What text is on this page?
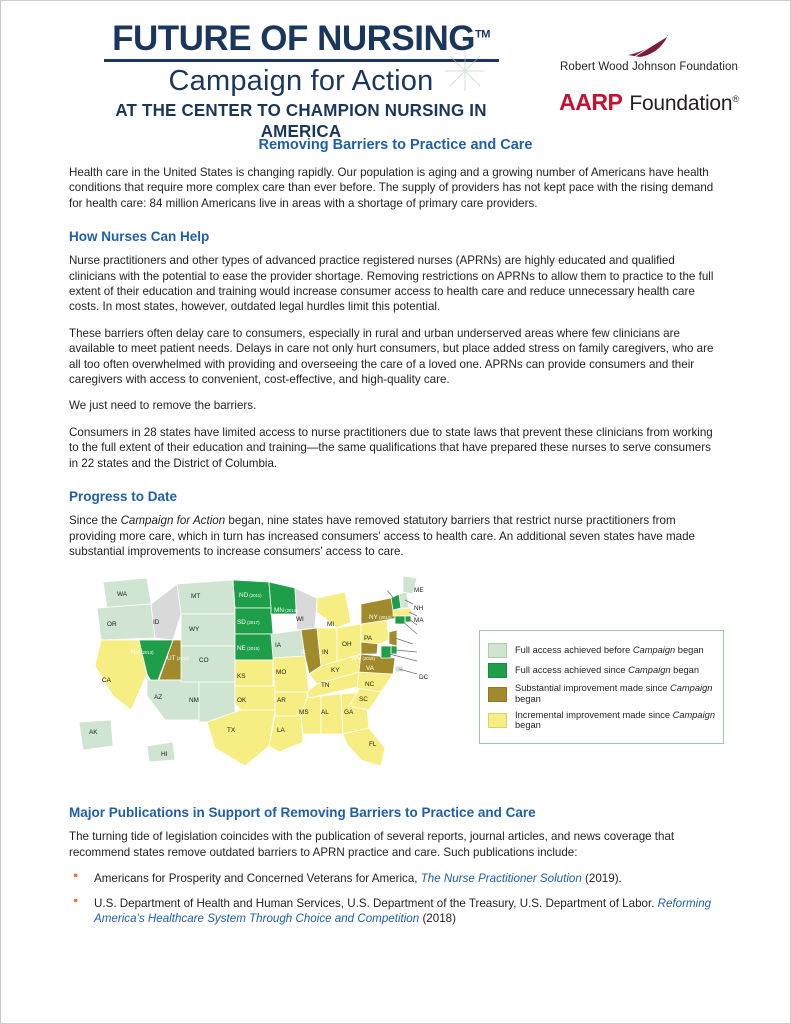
FUTURE OF NURSING™
Campaign for Action
AT THE CENTER TO CHAMPION NURSING IN AMERICA
Robert Wood Johnson Foundation
AARP Foundation®
Removing Barriers to Practice and Care

Health care in the United States is changing rapidly. Our population is aging and a growing number of Americans have health conditions that require more complex care than ever before. The supply of providers has not kept pace with the rising demand for health care: 84 million Americans live in areas with a shortage of primary care providers.

How Nurses Can Help

Nurse practitioners and other types of advanced practice registered nurses (APRNs) are highly educated and qualified clinicians with the potential to ease the provider shortage. Removing restrictions on APRNs to allow them to practice to the full extent of their education and training would increase consumer access to health care and reduce unnecessary health care costs. In most states, however, outdated legal hurdles limit this potential.

These barriers often delay care to consumers, especially in rural and urban underserved areas where few clinicians are available to meet patient needs. Delays in care not only hurt consumers, but place added stress on family caregivers, who are all too often overwhelmed with providing and overseeing the care of a loved one. APRNs can provide consumers and their caregivers with access to convenient, cost-effective, and high-quality care.

We just need to remove the barriers.

Consumers in 28 states have limited access to nurse practitioners due to state laws that prevent these clinicians from working to the full extent of their education and training—the same qualifications that have prepared these nurses to serve consumers in 22 states and the District of Columbia.

Progress to Date

Since the Campaign for Action began, nine states have removed statutory barriers that restrict nurse practitioners from providing more care, which in turn has increased consumers’ access to health care. An additional seven states have made substantial improvements to increase consumers’ access to care.

WA
OR	ID
MT	ND (2011)
MN (2014)
WY
SD (2017)
NE (2015) IA
WI
MI
NV (2013)
UT (2016) CO
CA
AZ	NM
KS
OK
TX
MO
AR
LA
IL IN
OH
KY
TN
MS AL GA
FL
SC
NC
VA
WV (2016)
PA
NY (2014)
VT (2011) ME
NH
MA
RI (2013)
CT (2014)
NJ
DE (2015)
MD (2015)
DC
AK
HI
Full access achieved before Campaign began
Full access achieved since Campaign began
Substantial improvement made since Campaign began
Incremental improvement made since Campaign began
Major Publications in Support of Removing Barriers to Practice and Care

The turning tide of legislation coincides with the publication of several reports, journal articles, and news coverage that recommend states remove outdated barriers to APRN practice and care. Such publications include:

● Americans for Prosperity and Concerned Veterans for America, The Nurse Practitioner Solution (2019).
● U.S. Department of Health and Human Services, U.S. Department of the Treasury, U.S. Department of Labor. Reforming America’s Healthcare System Through Choice and Competition (2018)
